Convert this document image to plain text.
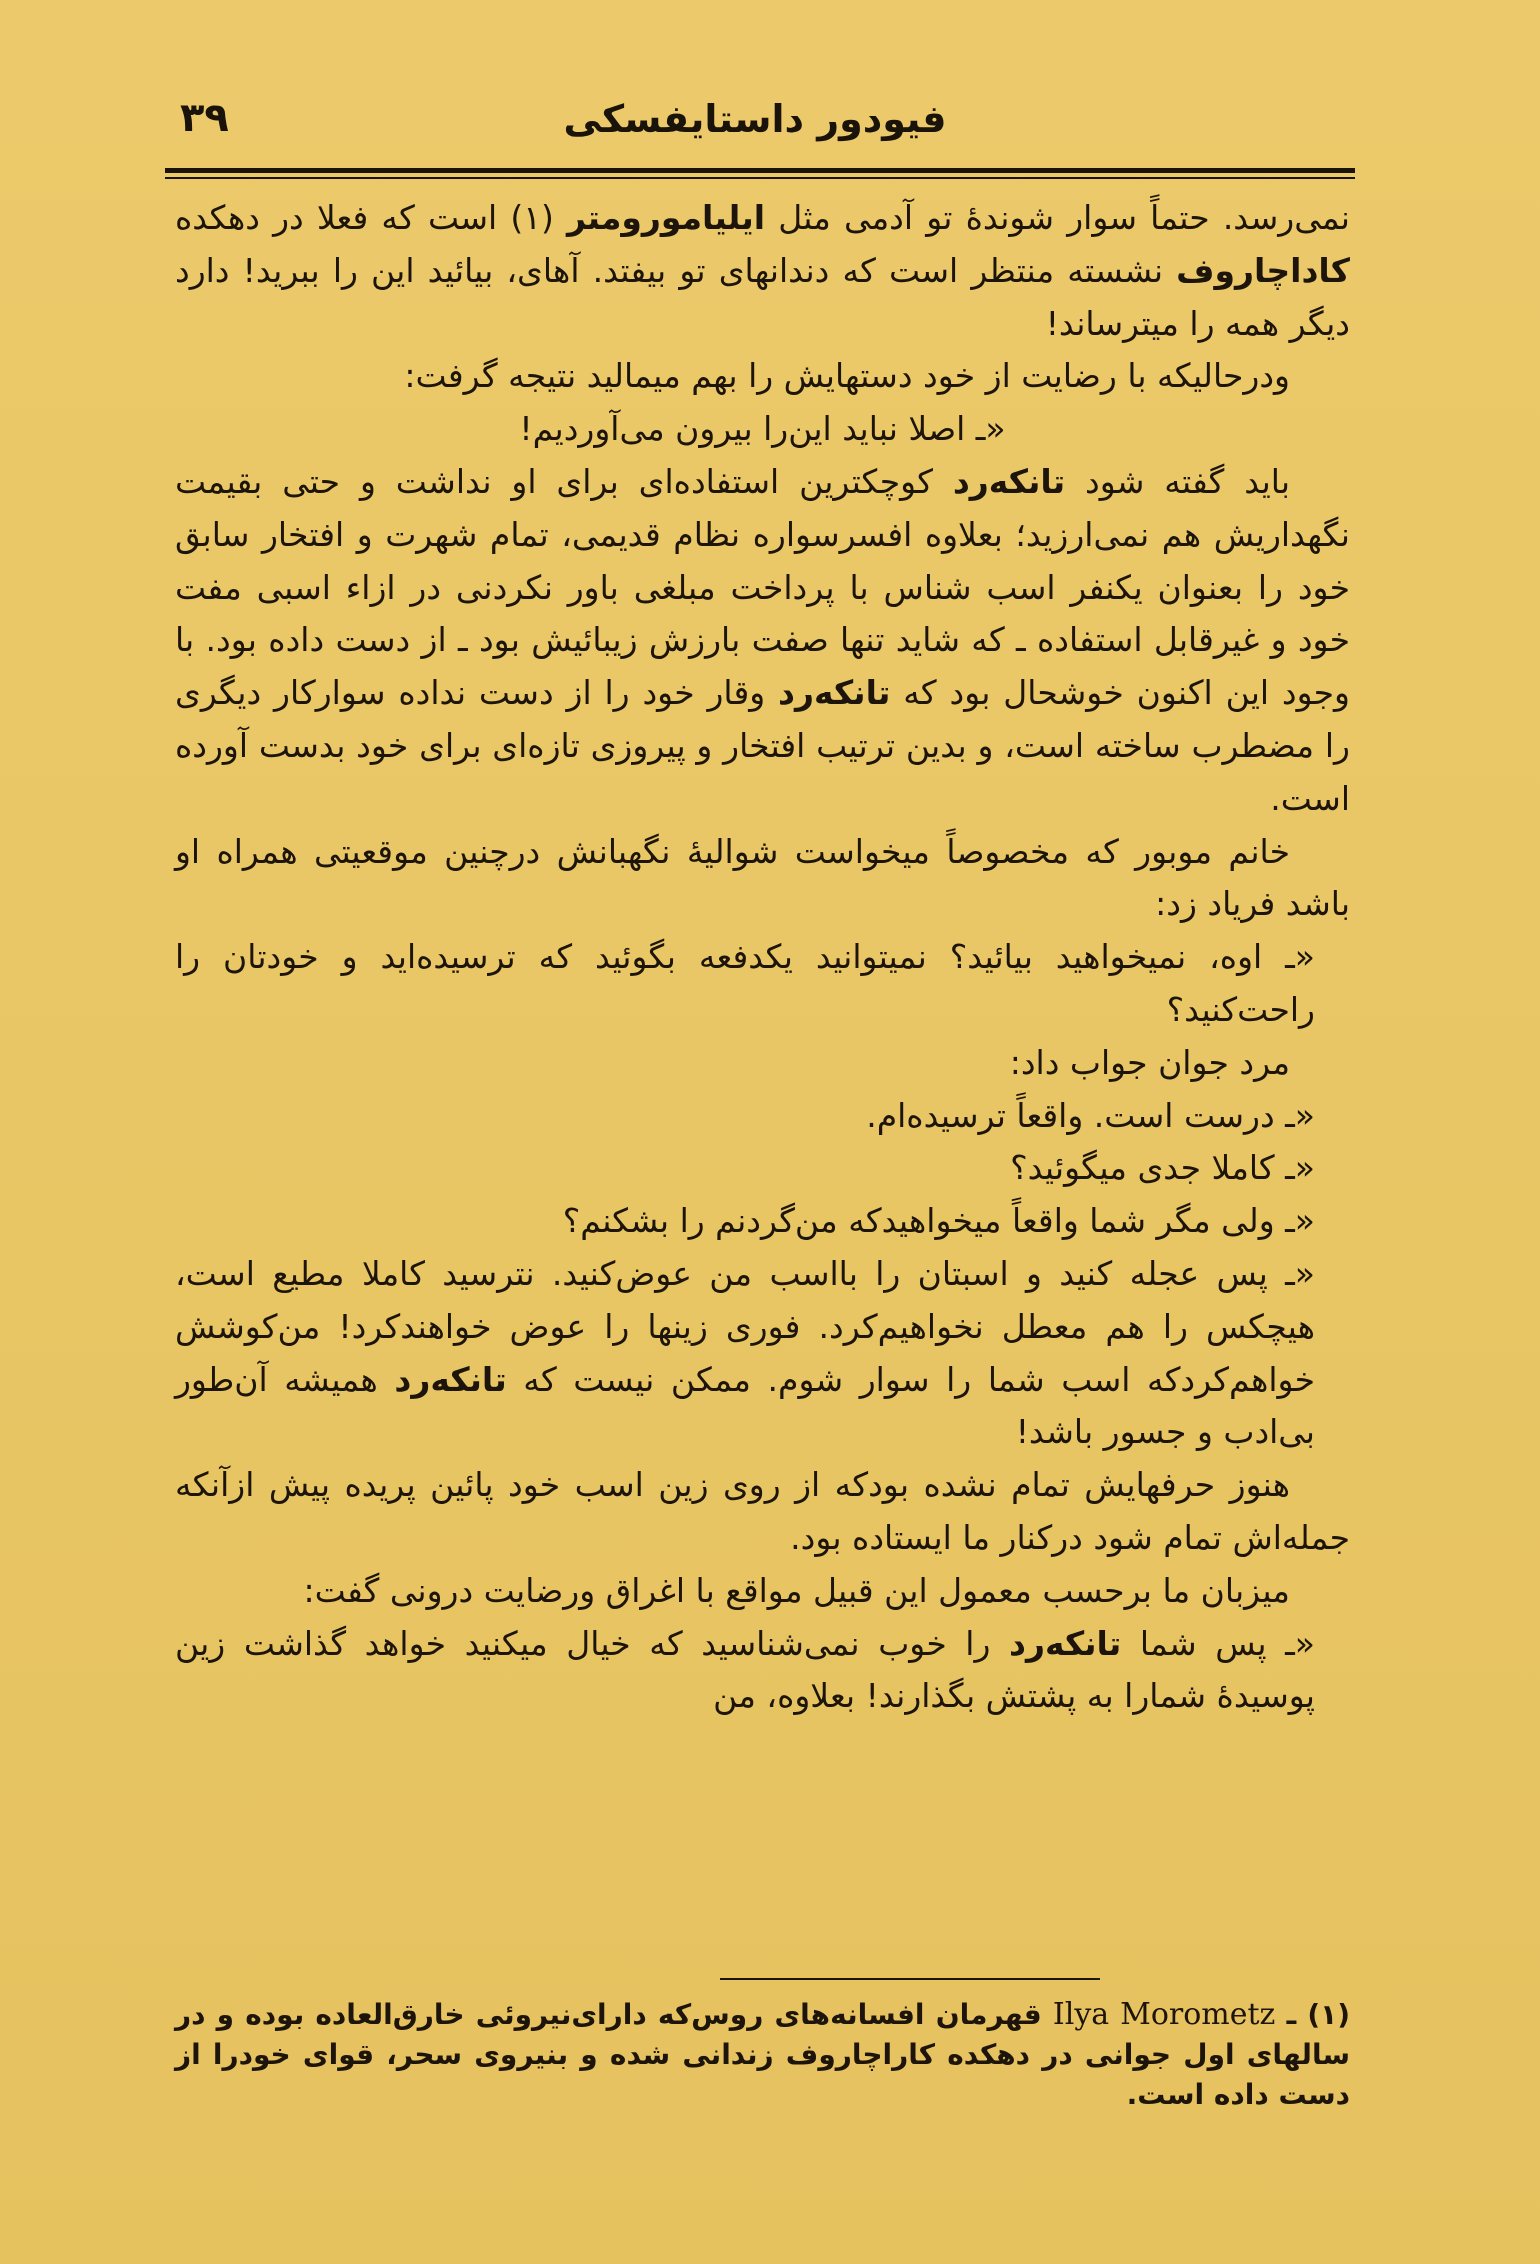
۳۹	فیودور داستایفسکی

نمی‌رسد. حتماً سوار شوندهٔ تو آدمی مثل ایلیامورومتر (۱) است که فعلا در دهکده کاداچاروف نشسته منتظر است که دندانهای تو بیفتد. آهای، بیائید این را ببرید! دارد دیگر همه را میترساند!

ودرحالیکه با رضایت از خود دستهایش را بهم میمالید نتیجه گرفت:

«ـ اصلا نباید این‌را بیرون می‌آوردیم!

باید گفته شود تانکه‌رد کوچکترین استفاده‌ای برای او نداشت و حتی بقیمت نگهداریش هم نمی‌ارزید؛ بعلاوه افسرسواره نظام قدیمی، تمام شهرت و افتخار سابق خود را بعنوان یکنفر اسب شناس با پرداخت مبلغی باور نکردنی در ازاء اسبی مفت خود و غیرقابل استفاده ـ که شاید تنها صفت بارزش زیبائیش بود ـ از دست داده بود. با وجود این اکنون خوشحال بود که تانکه‌رد وقار خود را از دست نداده سوارکار دیگری را مضطرب ساخته است، و بدین ترتیب افتخار و پیروزی تازه‌ای برای خود بدست آورده است.

خانم موبور که مخصوصاً میخواست شوالیهٔ نگهبانش درچنین موقعیتی همراه او باشد فریاد زد:

«ـ اوه، نمیخواهید بیائید؟ نمیتوانید یکدفعه بگوئید که ترسیده‌اید و خودتان را راحت‌کنید؟

مرد جوان جواب داد:

«ـ درست است. واقعاً ترسیده‌ام.

«ـ کاملا جدی میگوئید؟

«ـ ولی مگر شما واقعاً میخواهیدکه من‌گردنم را بشکنم؟

«ـ پس عجله کنید و اسبتان را بااسب من عوض‌کنید. نترسید کاملا مطیع است، هیچکس را هم معطل نخواهیم‌کرد. فوری زینها را عوض خواهندکرد! من‌کوشش خواهم‌کردکه اسب شما را سوار شوم. ممکن نیست که تانکه‌رد همیشه آن‌طور بی‌ادب و جسور باشد!

هنوز حرفهایش تمام نشده بودکه از روی زین اسب خود پائین پریده پیش ازآنکه جمله‌اش تمام شود درکنار ما ایستاده بود.

میزبان ما برحسب معمول این قبیل مواقع با اغراق ورضایت درونی گفت:

«ـ پس شما تانکه‌رد را خوب نمی‌شناسید که خیال میکنید خواهد گذاشت زین پوسیدهٔ شمارا به پشتش بگذارند! بعلاوه، من

(۱) ـ Ilya Morometz قهرمان افسانه‌های روس‌که دارای‌نیروئی خارق‌العاده بوده و در سالهای اول جوانی در دهکده کاراچاروف زندانی شده و بنیروی سحر، قوای خودرا از دست داده است.
